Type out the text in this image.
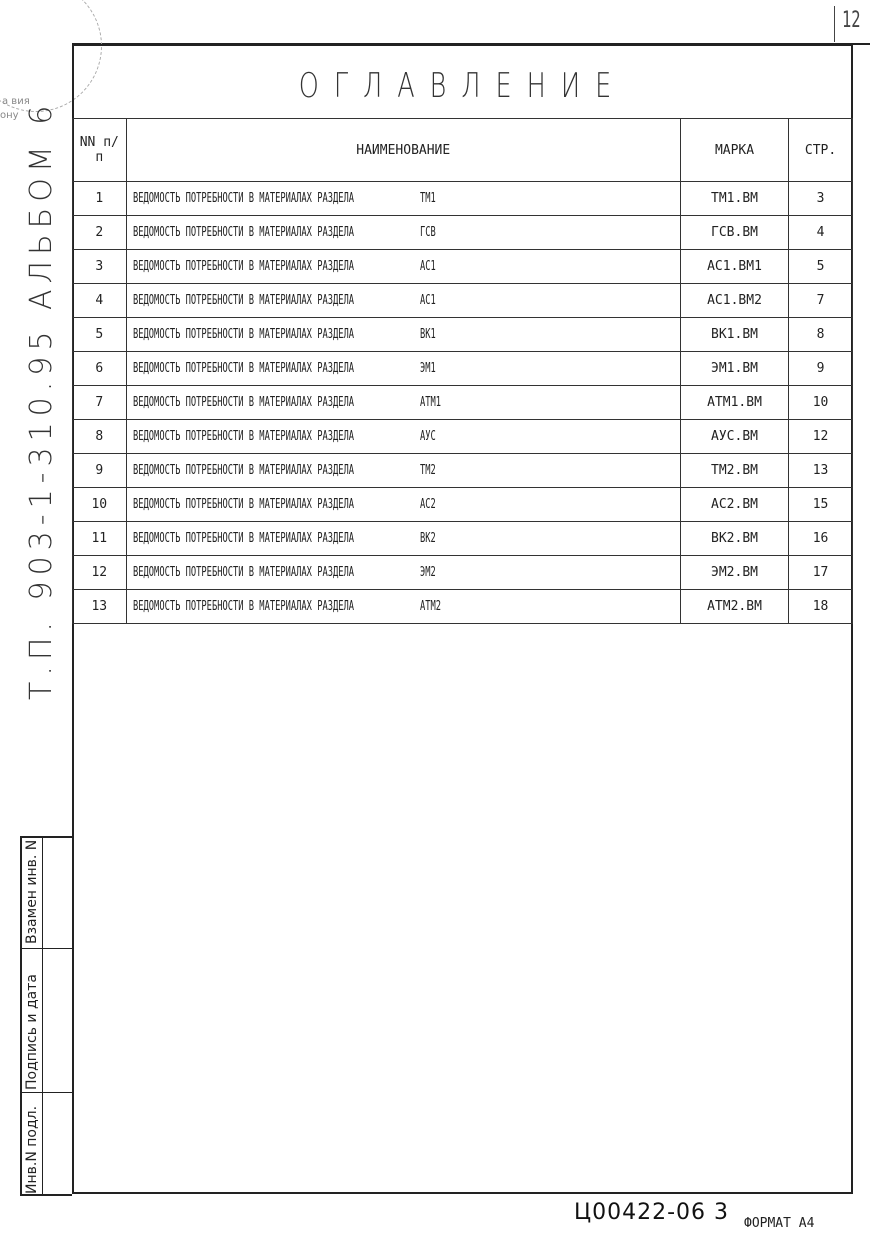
12
а вия
ону
ОГЛАВЛЕНИЕ
NN п/п	НАИМЕНОВАНИЕ	МАРКА	СТР.
1	ВЕДОМОСТЬ ПОТРЕБНОСТИ В МАТЕРИАЛАХ РАЗДЕЛА ТМ1	ТМ1.ВМ	3
2	ВЕДОМОСТЬ ПОТРЕБНОСТИ В МАТЕРИАЛАХ РАЗДЕЛА ГСВ	ГСВ.ВМ	4
3	ВЕДОМОСТЬ ПОТРЕБНОСТИ В МАТЕРИАЛАХ РАЗДЕЛА АС1	АС1.ВМ1	5
4	ВЕДОМОСТЬ ПОТРЕБНОСТИ В МАТЕРИАЛАХ РАЗДЕЛА АС1	АС1.ВМ2	7
5	ВЕДОМОСТЬ ПОТРЕБНОСТИ В МАТЕРИАЛАХ РАЗДЕЛА ВК1	ВК1.ВМ	8
6	ВЕДОМОСТЬ ПОТРЕБНОСТИ В МАТЕРИАЛАХ РАЗДЕЛА ЭМ1	ЭМ1.ВМ	9
7	ВЕДОМОСТЬ ПОТРЕБНОСТИ В МАТЕРИАЛАХ РАЗДЕЛА АТМ1	АТМ1.ВМ	10
8	ВЕДОМОСТЬ ПОТРЕБНОСТИ В МАТЕРИАЛАХ РАЗДЕЛА АУС	АУС.ВМ	12
9	ВЕДОМОСТЬ ПОТРЕБНОСТИ В МАТЕРИАЛАХ РАЗДЕЛА ТМ2	ТМ2.ВМ	13
10	ВЕДОМОСТЬ ПОТРЕБНОСТИ В МАТЕРИАЛАХ РАЗДЕЛА АС2	АС2.ВМ	15
11	ВЕДОМОСТЬ ПОТРЕБНОСТИ В МАТЕРИАЛАХ РАЗДЕЛА ВК2	ВК2.ВМ	16
12	ВЕДОМОСТЬ ПОТРЕБНОСТИ В МАТЕРИАЛАХ РАЗДЕЛА ЭМ2	ЭМ2.ВМ	17
13	ВЕДОМОСТЬ ПОТРЕБНОСТИ В МАТЕРИАЛАХ РАЗДЕЛА АТМ2	АТМ2.ВМ	18
Т.П. 903-1-310.95 АЛЬБОМ 6
Взамен инв. N
Подпись и дата
Инв.N подл.
Ц00422-06 3 ФОРМАТ А4
